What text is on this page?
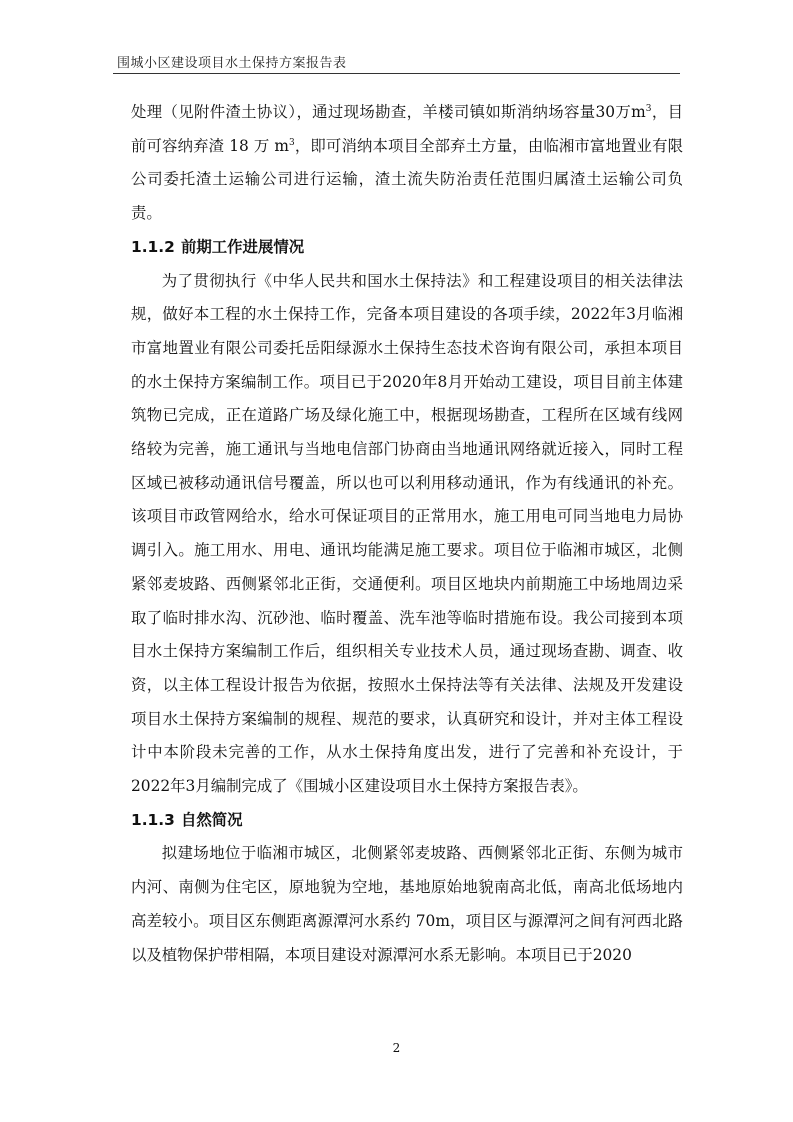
围城小区建设项目水土保持方案报告表

处理（见附件渣土协议），通过现场勘查，羊楼司镇如斯消纳场容量30万$m^3$，目前可容纳弃渣 18 万 $m^3$，即可消纳本项目全部弃土方量，由临湘市富地置业有限公司委托渣土运输公司进行运输，渣土流失防治责任范围归属渣土运输公司负责。

1.1.2 前期工作进展情况

为了贯彻执行《中华人民共和国水土保持法》和工程建设项目的相关法律法规，做好本工程的水土保持工作，完备本项目建设的各项手续，2022年3月临湘市富地置业有限公司委托岳阳绿源水土保持生态技术咨询有限公司，承担本项目的水土保持方案编制工作。项目已于2020年8月开始动工建设，项目目前主体建筑物已完成，正在道路广场及绿化施工中，根据现场勘查，工程所在区域有线网络较为完善，施工通讯与当地电信部门协商由当地通讯网络就近接入，同时工程区域已被移动通讯信号覆盖，所以也可以利用移动通讯，作为有线通讯的补充。该项目市政管网给水，给水可保证项目的正常用水，施工用电可同当地电力局协调引入。施工用水、用电、通讯均能满足施工要求。项目位于临湘市城区，北侧紧邻麦坡路、西侧紧邻北正街，交通便利。项目区地块内前期施工中场地周边采取了临时排水沟、沉砂池、临时覆盖、洗车池等临时措施布设。我公司接到本项目水土保持方案编制工作后，组织相关专业技术人员，通过现场查勘、调查、收资，以主体工程设计报告为依据，按照水土保持法等有关法律、法规及开发建设项目水土保持方案编制的规程、规范的要求，认真研究和设计，并对主体工程设计中本阶段未完善的工作，从水土保持角度出发，进行了完善和补充设计，于2022年3月编制完成了《围城小区建设项目水土保持方案报告表》。

1.1.3 自然简况

拟建场地位于临湘市城区，北侧紧邻麦坡路、西侧紧邻北正街、东侧为城市内河、南侧为住宅区，原地貌为空地，基地原始地貌南高北低，南高北低场地内高差较小。项目区东侧距离源潭河水系约 70m，项目区与源潭河之间有河西北路以及植物保护带相隔，本项目建设对源潭河水系无影响。本项目已于2020

2
